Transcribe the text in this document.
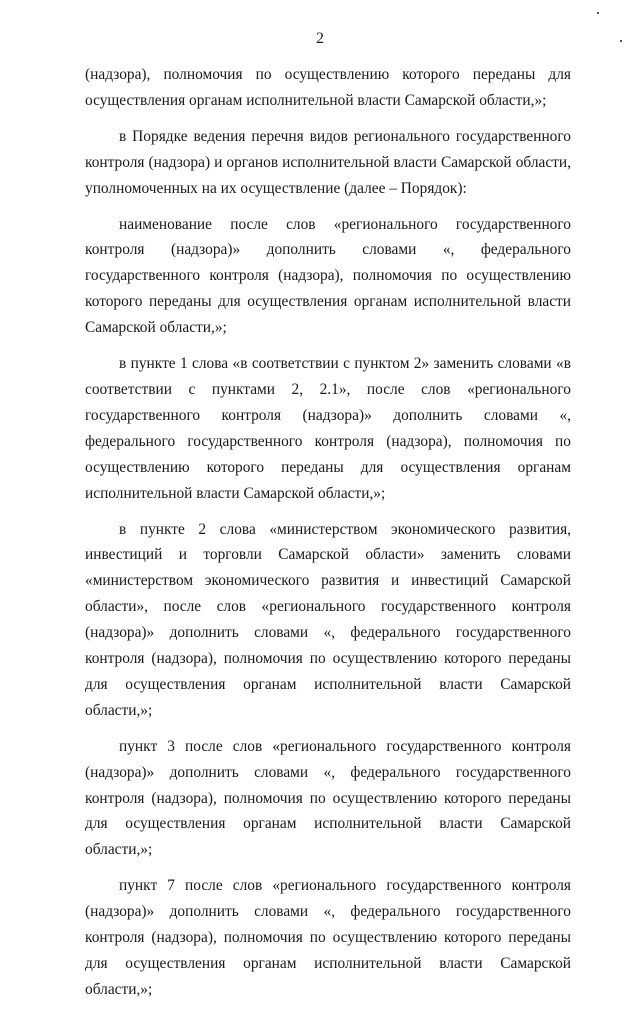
2

(надзора), полномочия по осуществлению которого переданы для осуществления органам исполнительной власти Самарской области,»;

в Порядке ведения перечня видов регионального государственного контроля (надзора) и органов исполнительной власти Самарской области, уполномоченных на их осуществление (далее – Порядок):

наименование после слов «регионального государственного контроля (надзора)» дополнить словами «, федерального государственного контроля (надзора), полномочия по осуществлению которого переданы для осуществления органам исполнительной власти Самарской области,»;

в пункте 1 слова «в соответствии с пунктом 2» заменить словами «в соответствии с пунктами 2, 2.1», после слов «регионального государственного контроля (надзора)» дополнить словами «, федерального государственного контроля (надзора), полномочия по осуществлению которого переданы для осуществления органам исполнительной власти Самарской области,»;

в пункте 2 слова «министерством экономического развития, инвестиций и торговли Самарской области» заменить словами «министерством экономического развития и инвестиций Самарской области», после слов «регионального государственного контроля (надзора)» дополнить словами «, федерального государственного контроля (надзора), полномочия по осуществлению которого переданы для осуществления органам исполнительной власти Самарской области,»;

пункт 3 после слов «регионального государственного контроля (надзора)» дополнить словами «, федерального государственного контроля (надзора), полномочия по осуществлению которого переданы для осуществления органам исполнительной власти Самарской области,»;

пункт 7 после слов «регионального государственного контроля (надзора)» дополнить словами «, федерального государственного контроля (надзора), полномочия по осуществлению которого переданы для осуществления органам исполнительной власти Самарской области,»;
